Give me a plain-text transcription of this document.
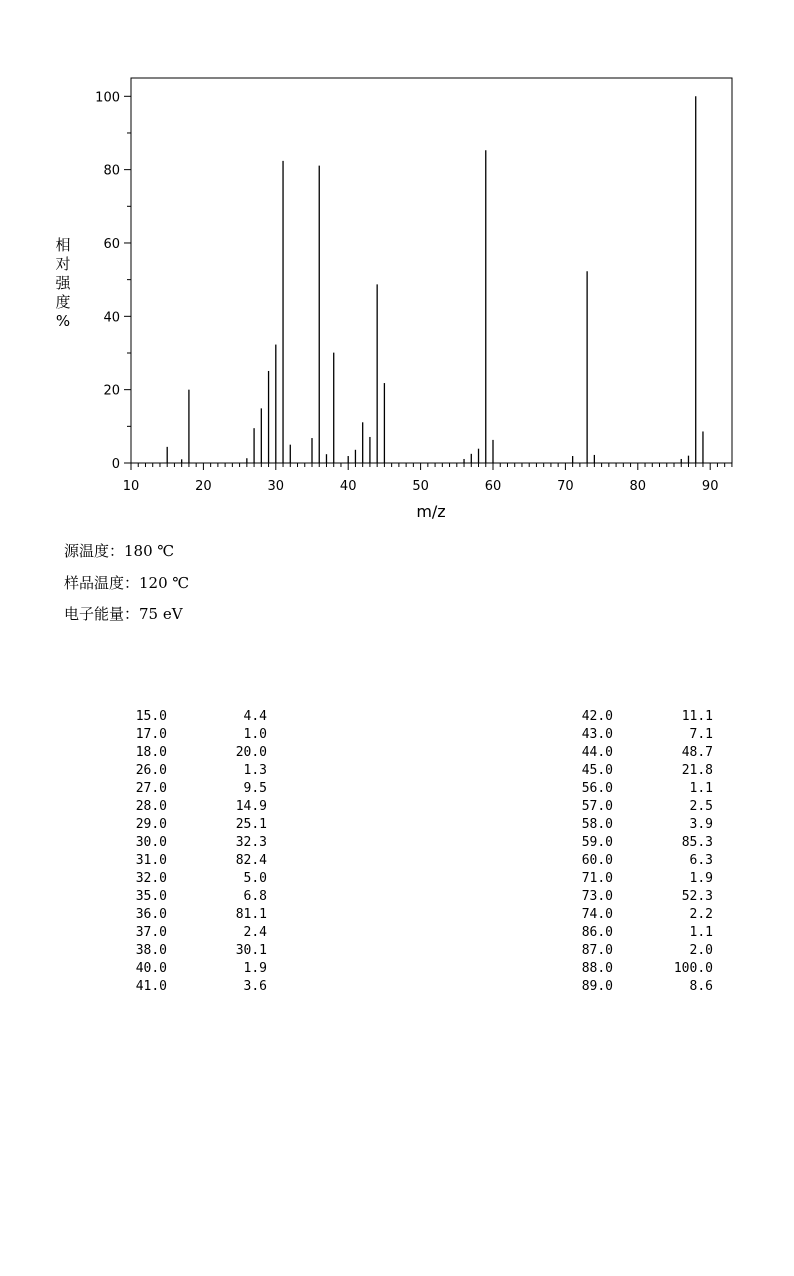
相
对
强
度
%
m/z
0
20
40
60
80
100
10	20	30	40	50	60	70	80	90
源温度：180 ℃
样品温度：120 ℃
电子能量：75 eV
15.0	4.4
17.0	1.0
18.0	20.0
26.0	1.3
27.0	9.5
28.0	14.9
29.0	25.1
30.0	32.3
31.0	82.4
32.0	5.0
35.0	6.8
36.0	81.1
37.0	2.4
38.0	30.1
40.0	1.9
41.0	3.6
42.0	11.1
43.0	7.1
44.0	48.7
45.0	21.8
56.0	1.1
57.0	2.5
58.0	3.9
59.0	85.3
60.0	6.3
71.0	1.9
73.0	52.3
74.0	2.2
86.0	1.1
87.0	2.0
88.0	100.0
89.0	8.6
